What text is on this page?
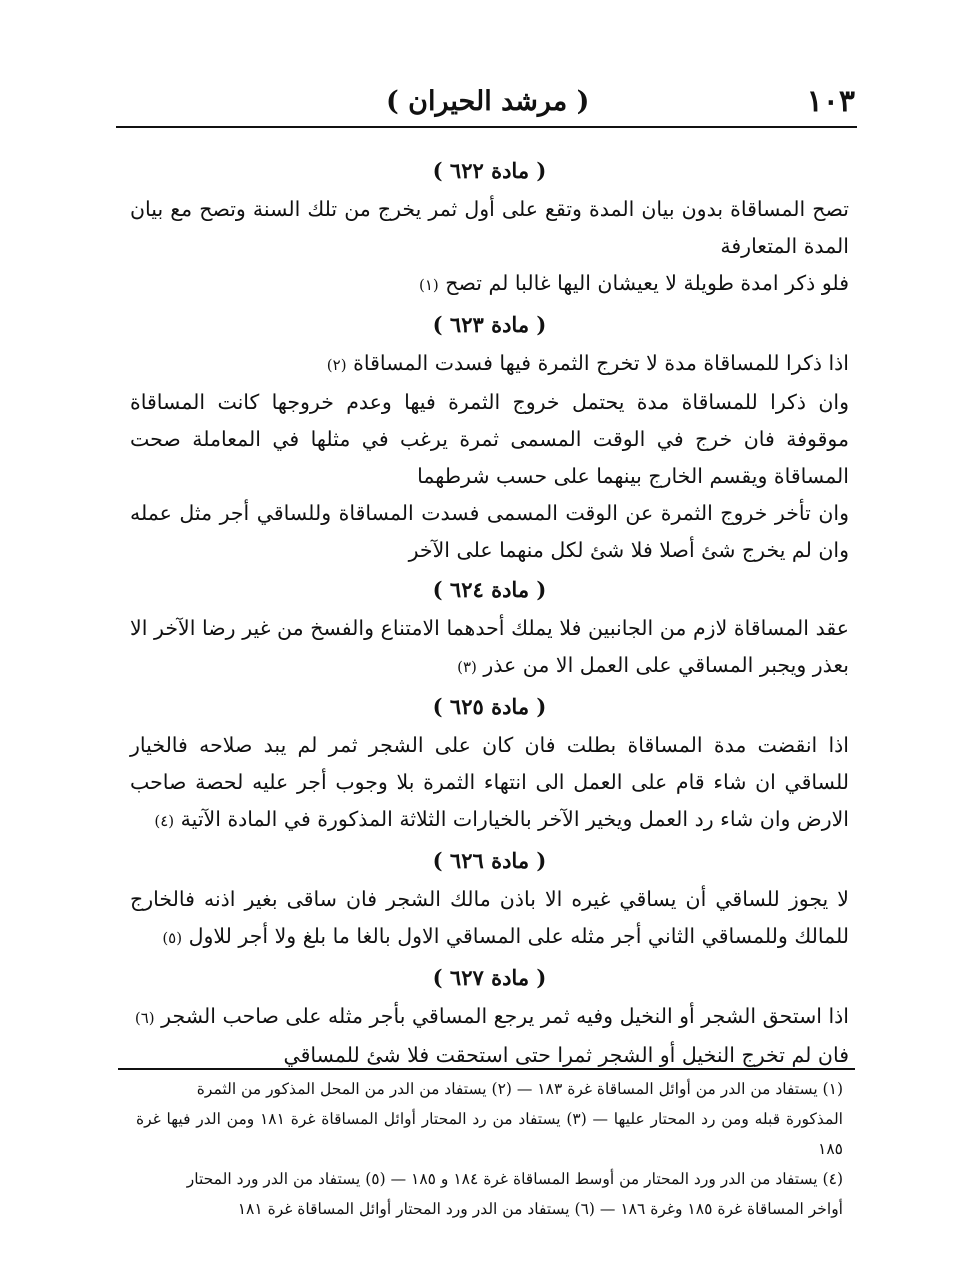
١٠٣
( مرشد الحيران )
( مادة ٦٢٢ )

تصح المساقاة بدون بيان المدة وتقع على أول ثمر يخرج من تلك السنة وتصح مع بيان المدة المتعارفة

فلو ذكر امدة طويلة لا يعيشان اليها غالبا لم تصح (١)

( مادة ٦٢٣ )

اذا ذكرا للمساقاة مدة لا تخرج الثمرة فيها فسدت المساقاة (٢)

وان ذكرا للمساقاة مدة يحتمل خروج الثمرة فيها وعدم خروجها كانت المساقاة موقوفة فان خرج في الوقت المسمى ثمرة يرغب في مثلها في المعاملة صحت المساقاة ويقسم الخارج بينهما على حسب شرطهما

وان تأخر خروج الثمرة عن الوقت المسمى فسدت المساقاة وللساقي أجر مثل عمله وان لم يخرج شئ أصلا فلا شئ لكل منهما على الآخر

( مادة ٦٢٤ )

عقد المساقاة لازم من الجانبين فلا يملك أحدهما الامتناع والفسخ من غير رضا الآخر الا بعذر ويجبر المساقي على العمل الا من عذر (٣)

( مادة ٦٢٥ )

اذا انقضت مدة المساقاة بطلت فان كان على الشجر ثمر لم يبد صلاحه فالخيار للساقي ان شاء قام على العمل الى انتهاء الثمرة بلا وجوب أجر عليه لحصة صاحب الارض وان شاء رد العمل ويخير الآخر بالخيارات الثلاثة المذكورة في المادة الآتية (٤)

( مادة ٦٢٦ )

لا يجوز للساقي أن يساقي غيره الا باذن مالك الشجر فان ساقى بغير اذنه فالخارج للمالك وللمساقي الثاني أجر مثله على المساقي الاول بالغا ما بلغ ولا أجر للاول (٥)

( مادة ٦٢٧ )

اذا استحق الشجر أو النخيل وفيه ثمر يرجع المساقي بأجر مثله على صاحب الشجر (٦)

فان لم تخرج النخيل أو الشجر ثمرا حتى استحقت فلا شئ للمساقي

(١) يستفاد من الدر من أوائل المساقاة غرة ١٨٣ — (٢) يستفاد من الدر من المحل المذكور من الثمرة

المذكورة قبله ومن رد المحتار عليها — (٣) يستفاد من رد المحتار أوائل المساقاة غرة ١٨١ ومن الدر فيها غرة ١٨٥

(٤) يستفاد من الدر ورد المحتار من أوسط المساقاة غرة ١٨٤ و ١٨٥ — (٥) يستفاد من الدر ورد المحتار

أواخر المساقاة غرة ١٨٥ وغرة ١٨٦ — (٦) يستفاد من الدر ورد المحتار أوائل المساقاة غرة ١٨١
